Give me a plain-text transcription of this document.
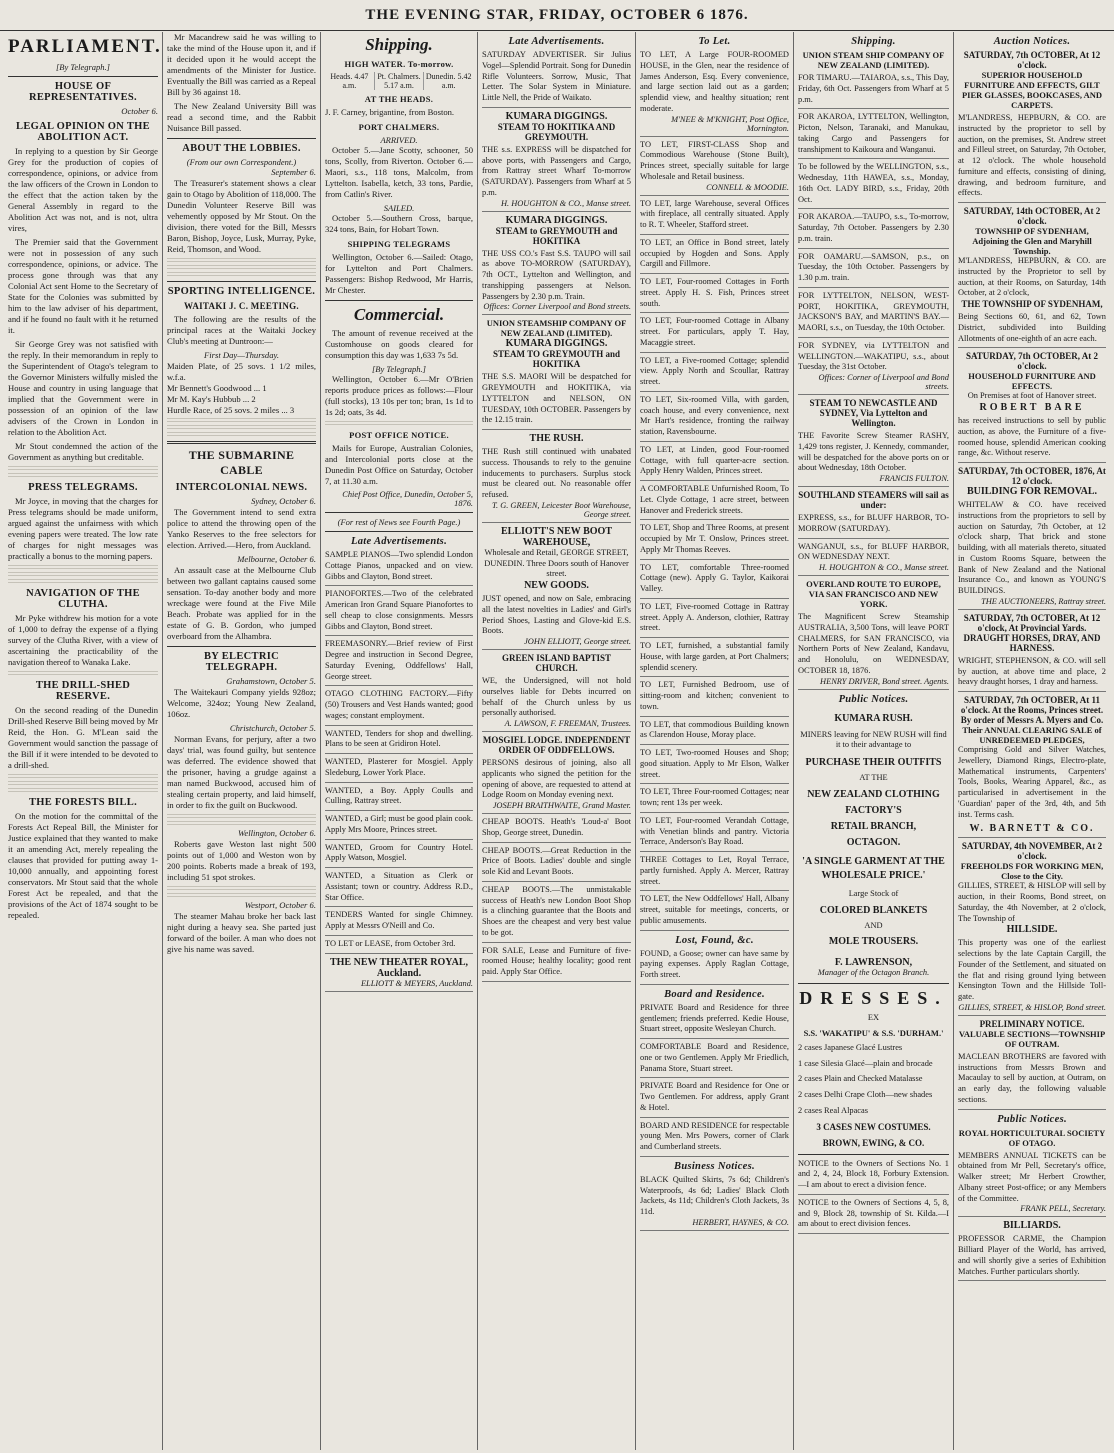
THE EVENING STAR, FRIDAY, OCTOBER 6 1876.
PARLIAMENT.
[By Telegraph.]
HOUSE OF REPRESENTATIVES.
October 6.
LEGAL OPINION ON THE ABOLITION ACT.

In replying to a question by Sir George Grey for the production of copies of correspondence, opinions, or advice from the law officers of the Crown in London to the effect that the action taken by the General Assembly in regard to the Abolition Act was not, and is not, ultra vires,

The Premier said that the Government were not in possession of any such correspondence, opinions, or advice. The process gone through was that any Colonial Act sent Home to the Secretary of State for the Colonies was submitted by him to the law adviser of his department, and if he found no fault with it he returned it.

Sir George Grey was not satisfied with the reply. In their memorandum in reply to the Superintendent of Otago's telegram to the Governor Ministers wilfully misled the House and country in using language that implied that the Government were in possession of an opinion of the law advisers of the Crown in London in relation to the Abolition Act.

Mr Stout condemned the action of the Government as anything but creditable.

PRESS TELEGRAMS.

Mr Joyce, in moving that the charges for Press telegrams should be made uniform, argued against the unfairness with which evening papers were treated. The low rate of charges for night messages was practically a bonus to the morning papers.

NAVIGATION OF THE CLUTHA.

Mr Pyke withdrew his motion for a vote of 1,000 to defray the expense of a flying survey of the Clutha River, with a view of ascertaining the practicability of the navigation thereof to Wanaka Lake.

THE DRILL-SHED RESERVE.

On the second reading of the Dunedin Drill-shed Reserve Bill being moved by Mr Reid, the Hon. G. M'Lean said the Government would sanction the passage of the Bill if it were intended to be devoted to a drill-shed.

THE FORESTS BILL.

On the motion for the committal of the Forests Act Repeal Bill, the Minister for Justice explained that they wanted to make it an amending Act, merely repealing the clauses that provided for putting away 1-10,000 annually, and appointing forest conservators. Mr Stout said that the whole Forest Act be repealed, and that the provisions of the Act of 1874 sought to be repealed.

Mr Macandrew said he was willing to take the mind of the House upon it, and if it decided upon it he would accept the amendments of the Minister for Justice. Eventually the Bill was carried as a Repeal Bill by 36 against 18.

The New Zealand University Bill was read a second time, and the Rabbit Nuisance Bill passed.

ABOUT THE LOBBIES.
(From our own Correspondent.)
September 6.

The Treasurer's statement shows a clear gain to Otago by Abolition of 118,000. The Dunedin Volunteer Reserve Bill was vehemently opposed by Mr Stout. On the division, there voted for the Bill, Messrs Baron, Bishop, Joyce, Lusk, Murray, Pyke, Reid, Thomson, and Wood.

SPORTING INTELLIGENCE.
WAITAKI J. C. MEETING.

The following are the results of the principal races at the Waitaki Jockey Club's meeting at Duntroon:—

First Day—Thursday.
Maiden Plate, of 25 sovs. 1 1/2 miles, w.f.a.
Mr Bennett's Goodwood ... 1
Mr M. Kay's Hubbub ... 2
Hurdle Race, of 25 sovs. 2 miles ... 3
THE SUBMARINE CABLE
INTERCOLONIAL NEWS.
Sydney, October 6.

The Government intend to send extra police to attend the throwing open of the Yanko Reserves to the free selectors for election. Arrived.—Hero, from Auckland.

Melbourne, October 6.

An assault case at the Melbourne Club between two gallant captains caused some sensation. To-day another body and more wreckage were found at the Five Mile Beach. Probate was applied for in the estate of G. B. Gordon, who jumped overboard from the Alhambra.

BY ELECTRIC TELEGRAPH.
Grahamstown, October 5.

The Waitekauri Company yields 928oz; Welcome, 324oz; Young New Zealand, 106oz.

Christchurch, October 5.

Norman Evans, for perjury, after a two days' trial, was found guilty, but sentence was deferred. The evidence showed that the prisoner, having a grudge against a man named Buckwood, accused him of stealing certain property, and laid himself, in order to fix the guilt on Buckwood.

Wellington, October 6.

Roberts gave Weston last night 500 points out of 1,000 and Weston won by 200 points. Roberts made a break of 193, including 51 spot strokes.

Westport, October 6.

The steamer Mahau broke her back last night during a heavy sea. She parted just forward of the boiler. A man who does not give his name was saved.

Shipping.
HIGH WATER. To-morrow.
Heads. 4.47 a.m.
Pt. Chalmers. 5.17 a.m.
Dunedin. 5.42 a.m.
AT THE HEADS.

J. F. Carney, brigantine, from Boston.

PORT CHALMERS.
ARRIVED.

October 5.—Jane Scotty, schooner, 50 tons, Scolly, from Riverton. October 6.—Maori, s.s., 118 tons, Malcolm, from Lyttelton. Isabella, ketch, 33 tons, Pardie, from Catlin's River.

SAILED.

October 5.—Southern Cross, barque, 324 tons, Bain, for Hobart Town.

SHIPPING TELEGRAMS

Wellington, October 6.—Sailed: Otago, for Lyttelton and Port Chalmers. Passengers: Bishop Redwood, Mr Harris, Mr Chester.

Commercial.

The amount of revenue received at the Customhouse on goods cleared for consumption this day was 1,633 7s 5d.

[By Telegraph.]

Wellington, October 6.—Mr O'Brien reports produce prices as follows:—Flour (full stocks), 13 10s per ton; bran, 1s 1d to 1s 2d; oats, 3s 4d.

POST OFFICE NOTICE.

Mails for Europe, Australian Colonies, and Intercolonial ports close at the Dunedin Post Office on Saturday, October 7, at 11.30 a.m.

Chief Post Office, Dunedin, October 5, 1876.
(For rest of News see Fourth Page.)
Late Advertisements.
SAMPLE PIANOS—Two splendid London Cottage Pianos, unpacked and on view. Gibbs and Clayton, Bond street.
PIANOFORTES.—Two of the celebrated American Iron Grand Square Pianofortes to sell cheap to close consignments. Messrs Gibbs and Clayton, Bond street.
FREEMASONRY.—Brief review of First Degree and instruction in Second Degree, Saturday Evening, Oddfellows' Hall, George street.
OTAGO CLOTHING FACTORY.—Fifty (50) Trousers and Vest Hands wanted; good wages; constant employment.
WANTED, Tenders for shop and dwelling. Plans to be seen at Gridiron Hotel.
WANTED, Plasterer for Mosgiel. Apply Sledeburg, Lower York Place.
WANTED, a Boy. Apply Coulls and Culling, Rattray street.
WANTED, a Girl; must be good plain cook. Apply Mrs Moore, Princes street.
WANTED, Groom for Country Hotel. Apply Watson, Mosgiel.
WANTED, a Situation as Clerk or Assistant; town or country. Address R.D., Star Office.
TENDERS Wanted for single Chimney. Apply at Messrs O'Neill and Co.
TO LET or LEASE, from October 3rd.
THE NEW THEATER ROYAL, Auckland.
ELLIOTT & MEYERS, Auckland.
Late Advertisements.
SATURDAY ADVERTISER. Sir Julius Vogel—Splendid Portrait. Song for Dunedin Rifle Volunteers. Sorrow, Music, That Letter. The Solar System in Miniature. Little Nell, the Pride of Waikato.
KUMARA DIGGINGS.
STEAM TO HOKITIKA AND GREYMOUTH.
THE s.s. EXPRESS will be dispatched for above ports, with Passengers and Cargo, from Rattray street Wharf To-morrow (SATURDAY). Passengers from Wharf at 5 p.m.
H. HOUGHTON & CO., Manse street.
KUMARA DIGGINGS.
STEAM to GREYMOUTH and HOKITIKA
THE USS CO.'s Fast S.S. TAUPO will sail as above TO-MORROW (SATURDAY), 7th OCT., Lyttelton and Wellington, and transhipping passengers at Nelson. Passengers by 2.30 p.m. Train.
Offices: Corner Liverpool and Bond streets.
UNION STEAMSHIP COMPANY OF NEW ZEALAND (LIMITED).
KUMARA DIGGINGS.
STEAM TO GREYMOUTH and HOKITIKA
THE S.S. MAORI Will be despatched for GREYMOUTH and HOKITIKA, via LYTTELTON and NELSON, ON TUESDAY, 10th OCTOBER. Passengers by the 12.15 train.
THE RUSH.
THE Rush still continued with unabated success. Thousands to rely to the genuine inducements to purchasers. Surplus stock must be cleared out. No reasonable offer refused.
T. G. GREEN, Leicester Boot Warehouse, George street.
ELLIOTT'S NEW BOOT WAREHOUSE,
Wholesale and Retail, GEORGE STREET, DUNEDIN. Three Doors south of Hanover street.
NEW GOODS.
JUST opened, and now on Sale, embracing all the latest novelties in Ladies' and Girl's Period Shoes, Lasting and Glove-kid E.S. Boots.
JOHN ELLIOTT, George street.
GREEN ISLAND BAPTIST CHURCH.
WE, the Undersigned, will not hold ourselves liable for Debts incurred on behalf of the Church unless by us personally authorised.
A. LAWSON, F. FREEMAN, Trustees.
MOSGIEL LODGE. INDEPENDENT ORDER OF ODDFELLOWS.
PERSONS desirous of joining, also all applicants who signed the petition for the opening of above, are requested to attend at Lodge Room on Monday evening next.
JOSEPH BRAITHWAITE, Grand Master.
CHEAP BOOTS. Heath's 'Loud-a' Boot Shop, George street, Dunedin.
CHEAP BOOTS.—Great Reduction in the Price of Boots. Ladies' double and single sole Kid and Levant Boots.
CHEAP BOOTS.—The unmistakable success of Heath's new London Boot Shop is a clinching guarantee that the Boots and Shoes are the cheapest and very best value to be got.
FOR SALE, Lease and Furniture of five-roomed House; healthy locality; good rent paid. Apply Star Office.
To Let.
TO LET, A Large FOUR-ROOMED HOUSE, in the Glen, near the residence of James Anderson, Esq. Every convenience, and large section laid out as a garden; splendid view, and healthy situation; rent moderate.
M'NEE & M'KNIGHT, Post Office, Mornington.
TO LET, FIRST-CLASS Shop and Commodious Warehouse (Stone Built), Princes street, specially suitable for large Wholesale and Retail business.
CONNELL & MOODIE.
TO LET, large Warehouse, several Offices with fireplace, all centrally situated. Apply to R. T. Wheeler, Stafford street.
TO LET, an Office in Bond street, lately occupied by Hogden and Sons. Apply Cargill and Fillmore.
TO LET, Four-roomed Cottages in Forth street. Apply H. S. Fish, Princes street south.
TO LET, Four-roomed Cottage in Albany street. For particulars, apply T. Hay, Macaggie street.
TO LET, a Five-roomed Cottage; splendid view. Apply North and Scoullar, Rattray street.
TO LET, Six-roomed Villa, with garden, coach house, and every convenience, next Mr Hart's residence, fronting the railway station, Ravensbourne.
TO LET, at Linden, good Four-roomed Cottage, with full quarter-acre section. Apply Henry Walden, Princes street.
A COMFORTABLE Unfurnished Room, To Let. Clyde Cottage, 1 acre street, between Hanover and Frederick streets.
TO LET, Shop and Three Rooms, at present occupied by Mr T. Onslow, Princes street. Apply Mr Thomas Reeves.
TO LET, comfortable Three-roomed Cottage (new). Apply G. Taylor, Kaikorai Valley.
TO LET, Five-roomed Cottage in Rattray street. Apply A. Anderson, clothier, Rattray street.
TO LET, furnished, a substantial family House, with large garden, at Port Chalmers; splendid scenery.
TO LET, Furnished Bedroom, use of sitting-room and kitchen; convenient to town.
TO LET, that commodious Building known as Clarendon House, Moray place.
TO LET, Two-roomed Houses and Shop; good situation. Apply to Mr Elson, Walker street.
TO LET, Three Four-roomed Cottages; near town; rent 13s per week.
TO LET, Four-roomed Verandah Cottage, with Venetian blinds and pantry. Victoria Terrace, Anderson's Bay Road.
THREE Cottages to Let, Royal Terrace, partly furnished. Apply A. Mercer, Rattray street.
TO LET, the New Oddfellows' Hall, Albany street, suitable for meetings, concerts, or public amusements.
Lost, Found, &c.
FOUND, a Goose; owner can have same by paying expenses. Apply Raglan Cottage, Forth street.
Board and Residence.
PRIVATE Board and Residence for three gentlemen; friends preferred. Kedie House, Stuart street, opposite Wesleyan Church.
COMFORTABLE Board and Residence, one or two Gentlemen. Apply Mr Friedlich, Panama Store, Stuart street.
PRIVATE Board and Residence for One or Two Gentlemen. For address, apply Grant & Hotel.
BOARD AND RESIDENCE for respectable young Men. Mrs Powers, corner of Clark and Cumberland streets.
Business Notices.
BLACK Quilted Skirts, 7s 6d; Children's Waterproofs, 4s 6d; Ladies' Black Cloth Jackets, 4s 11d; Children's Cloth Jackets, 3s 11d.
HERBERT, HAYNES, & CO.
Shipping.
UNION STEAM SHIP COMPANY OF NEW ZEALAND (LIMITED).
FOR TIMARU.—TAIAROA, s.s., This Day, Friday, 6th Oct. Passengers from Wharf at 5 p.m.
FOR AKAROA, LYTTELTON, Wellington, Picton, Nelson, Taranaki, and Manukau, taking Cargo and Passengers for transhipment to Kaikoura and Wanganui.
To be followed by the WELLINGTON, s.s., Wednesday, 11th HAWEA, s.s., Monday, 16th Oct. LADY BIRD, s.s., Friday, 20th Oct.
FOR AKAROA.—TAUPO, s.s., To-morrow, Saturday, 7th October. Passengers by 2.30 p.m. train.
FOR OAMARU.—SAMSON, p.s., on Tuesday, the 10th October. Passengers by 1.30 p.m. train.
FOR LYTTELTON, NELSON, WEST-PORT, HOKITIKA, GREYMOUTH, JACKSON'S BAY, and MARTIN'S BAY.—MAORI, s.s., on Tuesday, the 10th October.
FOR SYDNEY, via LYTTELTON and WELLINGTON.—WAKATIPU, s.s., about Tuesday, the 31st October.
Offices: Corner of Liverpool and Bond streets.
STEAM TO NEWCASTLE AND SYDNEY, Via Lyttelton and Wellington.
THE Favorite Screw Steamer RASHY, 1,429 tons register, J. Kennedy, commander, will be despatched for the above ports on or about Wednesday, 18th October.
FRANCIS FULTON.
SOUTHLAND STEAMERS will sail as under:
EXPRESS, s.s., for BLUFF HARBOR, TO-MORROW (SATURDAY).
WANGANUI, s.s., for BLUFF HARBOR, ON WEDNESDAY NEXT.
H. HOUGHTON & CO., Manse street.
OVERLAND ROUTE TO EUROPE, VIA SAN FRANCISCO AND NEW YORK.
The Magnificent Screw Steamship AUSTRALIA, 3,500 Tons, will leave PORT CHALMERS, for SAN FRANCISCO, via Northern Ports of New Zealand, Kandavu, and Honolulu, on WEDNESDAY, OCTOBER 18, 1876.
HENRY DRIVER, Bond street. Agents.
Public Notices.
KUMARA RUSH.
MINERS leaving for NEW RUSH will find it to their advantage to
PURCHASE THEIR OUTFITS
AT THE
NEW ZEALAND CLOTHING
FACTORY'S
RETAIL BRANCH,
OCTAGON.
'A SINGLE GARMENT AT THE
WHOLESALE PRICE.'
Large Stock of
COLORED BLANKETS
AND
MOLE TROUSERS.
F. LAWRENSON,
Manager of the Octagon Branch.
DRESSES.
EX
S.S. 'WAKATIPU' & S.S. 'DURHAM.'
2 cases Japanese Glacé Lustres
1 case Silesia Glacé—plain and brocade
2 cases Plain and Checked Matalasse
2 cases Delhi Crape Cloth—new shades
2 cases Real Alpacas
3 CASES NEW COSTUMES.
BROWN, EWING, & CO.
NOTICE to the Owners of Sections No. 1 and 2, 4, 24, Block 18, Forbury Extension.—I am about to erect a division fence.
NOTICE to the Owners of Sections 4, 5, 8, and 9, Block 28, township of St. Kilda.—I am about to erect division fences.
Auction Notices.
SATURDAY, 7th OCTOBER, At 12 o'clock.
SUPERIOR HOUSEHOLD FURNITURE AND EFFECTS, GILT PIER GLASSES, BOOKCASES, AND CARPETS.
M'LANDRESS, HEPBURN, & CO. are instructed by the proprietor to sell by auction, on the premises, St. Andrew street and Filleul street, on Saturday, 7th October, at 12 o'clock. The whole household furniture and effects, consisting of dining, drawing, and bedroom furniture, and effects.
SATURDAY, 14th OCTOBER, At 2 o'clock.
TOWNSHIP OF SYDENHAM, Adjoining the Glen and Maryhill Township.
M'LANDRESS, HEPBURN, & CO. are instructed by the Proprietor to sell by auction, at their Rooms, on Saturday, 14th October, at 2 o'clock,
THE TOWNSHIP OF SYDENHAM,
Being Sections 60, 61, and 62, Town District, subdivided into Building Allotments of one-eighth of an acre each.
SATURDAY, 7th OCTOBER, At 2 o'clock.
HOUSEHOLD FURNITURE AND EFFECTS.
On Premises at foot of Hanover street.
ROBERT BARE
has received instructions to sell by public auction, as above, the Furniture of a five-roomed house, splendid American cooking range, &c. Without reserve.
SATURDAY, 7th OCTOBER, 1876, At 12 o'clock.
BUILDING FOR REMOVAL.
WHITELAW & CO. have received instructions from the proprietors to sell by auction on Saturday, 7th October, at 12 o'clock sharp, That brick and stone building, with all materials thereto, situated in Custom Rooms Square, between the Bank of New Zealand and the National Insurance Co., and known as YOUNG'S BUILDINGS.
THE AUCTIONEERS, Rattray street.
SATURDAY, 7th OCTOBER, At 12 o'clock, At Provincial Yards.
DRAUGHT HORSES, DRAY, AND HARNESS.
WRIGHT, STEPHENSON, & CO. will sell by auction, at above time and place, 2 heavy draught horses, 1 dray and harness.
SATURDAY, 7th OCTOBER, At 11 o'clock. At the Rooms, Princes street. By order of Messrs A. Myers and Co.
Their ANNUAL CLEARING SALE of UNREDEEMED PLEDGES,
Comprising Gold and Silver Watches, Jewellery, Diamond Rings, Electro-plate, Mathematical instruments, Carpenters' Tools, Books, Wearing Apparel, &c., as particularised in advertisement in the 'Guardian' paper of the 3rd, 4th, and 5th inst. Terms cash.
W. BARNETT & CO.
SATURDAY, 4th NOVEMBER, At 2 o'clock.
FREEHOLDS FOR WORKING MEN, Close to the City.
GILLIES, STREET, & HISLOP will sell by auction, in their Rooms, Bond street, on Saturday, the 4th November, at 2 o'clock, The Township of
HILLSIDE.
This property was one of the earliest selections by the late Captain Cargill, the Founder of the Settlement, and situated on the flat and rising ground lying between Kensington Town and the Hillside Toll-gate.
GILLIES, STREET, & HISLOP, Bond street.
PRELIMINARY NOTICE.
VALUABLE SECTIONS—TOWNSHIP OF OUTRAM.
MACLEAN BROTHERS are favored with instructions from Messrs Brown and Macaulay to sell by auction, at Outram, on an early day, the following valuable sections.
Public Notices.
ROYAL HORTICULTURAL SOCIETY OF OTAGO.
MEMBERS ANNUAL TICKETS can be obtained from Mr Pell, Secretary's office, Walker street; Mr Herbert Crowther, Albany street Post-office; or any Members of the Committee.
FRANK PELL, Secretary.
BILLIARDS.
PROFESSOR CARME, the Champion Billiard Player of the World, has arrived, and will shortly give a series of Exhibition Matches. Further particulars shortly.
